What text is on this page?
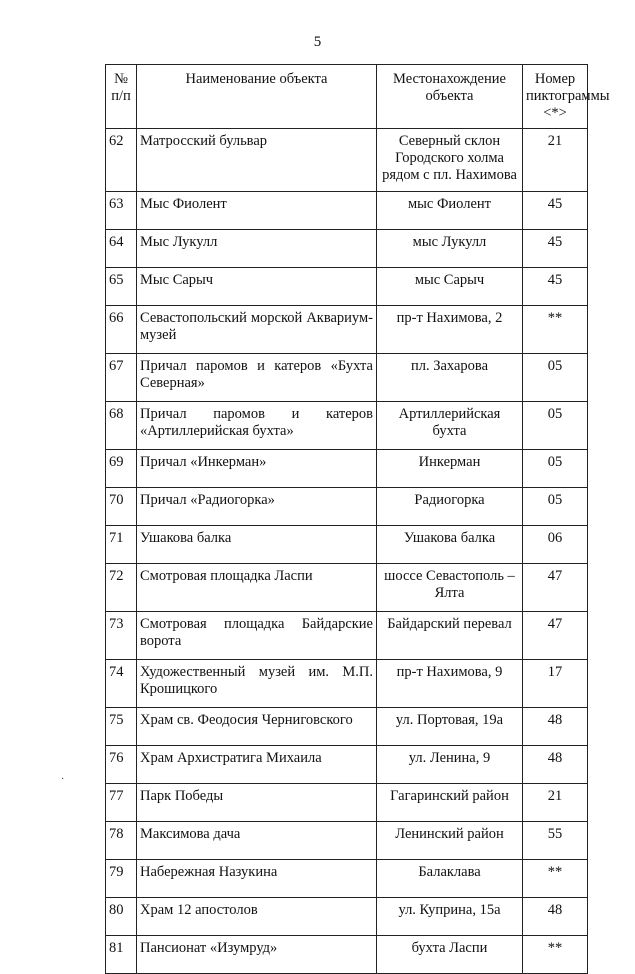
5
№ п/п	Наименование объекта	Местонахождение объекта	Номер пиктограммы <*>
62	Матросский бульвар	Северный склон Городского холма рядом с пл. Нахимова	21
63	Мыс Фиолент	мыс Фиолент	45
64	Мыс Лукулл	мыс Лукулл	45
65	Мыс Сарыч	мыс Сарыч	45
66	Севастопольский морской Аквариум-музей	пр-т Нахимова, 2	**
67	Причал паромов и катеров «Бухта Северная»	пл. Захарова	05
68	Причал паромов и катеров «Артиллерийская бухта»	Артиллерийская бухта	05
69	Причал «Инкерман»	Инкерман	05
70	Причал «Радиогорка»	Радиогорка	05
71	Ушакова балка	Ушакова балка	06
72	Смотровая площадка Ласпи	шоссе Севастополь – Ялта	47
73	Смотровая площадка Байдарские ворота	Байдарский перевал	47
74	Художественный музей им. М.П. Крошицкого	пр-т Нахимова, 9	17
75	Храм св. Феодосия Черниговского	ул. Портовая, 19а	48
76	Храм Архистратига Михаила	ул. Ленина, 9	48
77	Парк Победы	Гагаринский район	21
78	Максимова дача	Ленинский район	55
79	Набережная Назукина	Балаклава	**
80	Храм 12 апостолов	ул. Куприна, 15а	48
81	Пансионат «Изумруд»	бухта Ласпи	**
·
